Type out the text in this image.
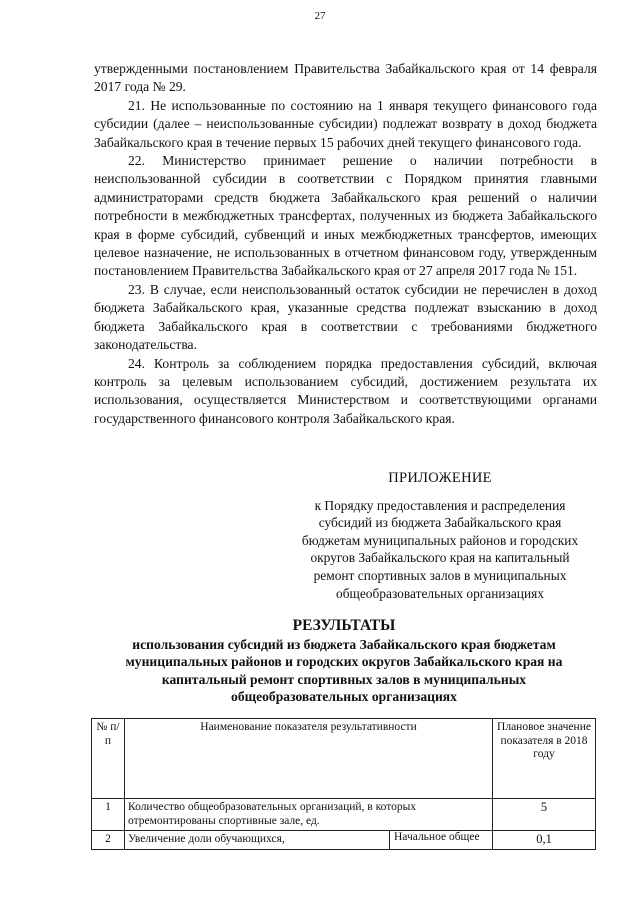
27

утвержденными постановлением Правительства Забайкальского края от 14 февраля 2017 года № 29.

21. Не использованные по состоянию на 1 января текущего финансового года субсидии (далее – неиспользованные субсидии) подлежат возврату в доход бюджета Забайкальского края в течение первых 15 рабочих дней текущего финансового года.

22. Министерство принимает решение о наличии потребности в неиспользованной субсидии в соответствии с Порядком принятия главными администраторами средств бюджета Забайкальского края решений о наличии потребности в межбюджетных трансфертах, полученных из бюджета Забайкальского края в форме субсидий, субвенций и иных межбюджетных трансфертов, имеющих целевое назначение, не использованных в отчетном финансовом году, утвержденным постановлением Правительства Забайкальского края от 27 апреля 2017 года № 151.

23. В случае, если неиспользованный остаток субсидии не перечислен в доход бюджета Забайкальского края, указанные средства подлежат взысканию в доход бюджета Забайкальского края в соответствии с требованиями бюджетного законодательства.

24. Контроль за соблюдением порядка предоставления субсидий, включая контроль за целевым использованием субсидий, достижением результата их использования, осуществляется Министерством и соответствующими органами государственного финансового контроля Забайкальского края.

ПРИЛОЖЕНИЕ
к Порядку предоставления и распределения субсидий из бюджета Забайкальского края бюджетам муниципальных районов и городских округов Забайкальского края на капитальный ремонт спортивных залов в муниципальных общеобразовательных организациях
РЕЗУЛЬТАТЫ
использования субсидий из бюджета Забайкальского края бюджетам муниципальных районов и городских округов Забайкальского края на капитальный ремонт спортивных залов в муниципальных общеобразовательных организациях
№ п/п	Наименование показателя результативности	Плановое значение показателя в 2018 году
1	Количество общеобразовательных организаций, в которых отремонтированы спортивные зале, ед.	5
2	Увеличение доли обучающихся, Начальное общее	0,1
